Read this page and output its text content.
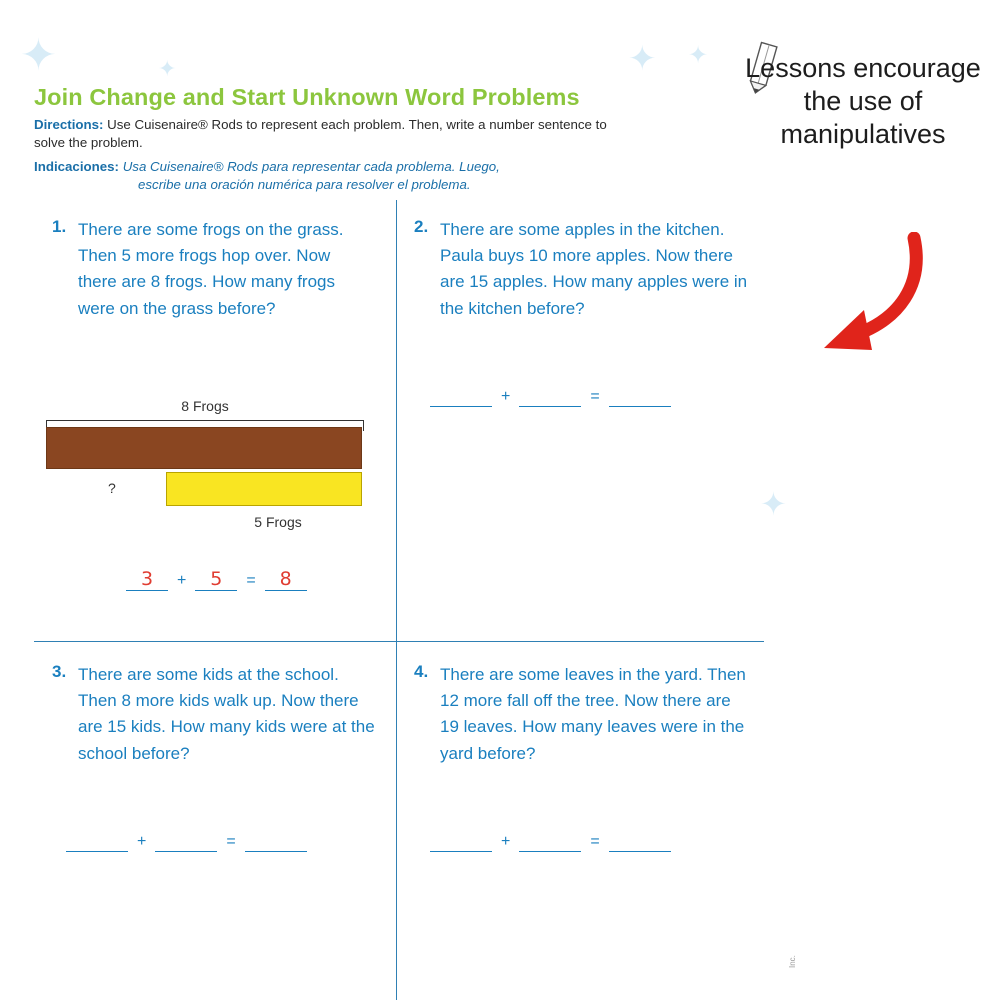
✦	✦	✦ ✦
✦
Join Change and Start Unknown Word Problems
Directions: Use Cuisenaire® Rods to represent each problem. Then, write a number sentence to solve the problem.
Indicaciones: Usa Cuisenaire® Rods para representar cada problema. Luego,
escribe una oración numérica para resolver el problema.
Lessons encourage the use of manipulatives
1. There are some frogs on the grass. Then 5 more frogs hop over. Now there are 8 frogs. How many frogs were on the grass before?
8 Frogs
?
5 Frogs
3	+	5	=	8
2. There are some apples in the kitchen. Paula buys 10 more apples. Now there are 15 apples. How many apples were in the kitchen before?
+	=
3. There are some kids at the school. Then 8 more kids walk up. Now there are 15 kids. How many kids were at the school before?
+	=
4. There are some leaves in the yard. Then 12 more fall off the tree. Now there are 19 leaves. How many leaves were in the yard before?
+	=
Inc.
